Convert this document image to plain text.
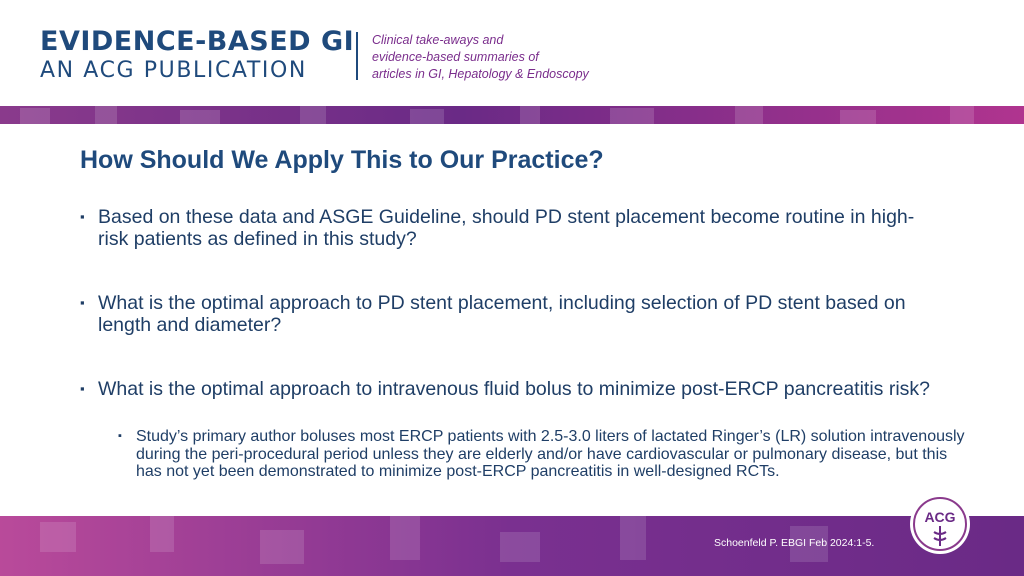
EVIDENCE-BASED GI
AN ACG PUBLICATION
Clinical take-aways and
evidence-based summaries of
articles in GI, Hepatology & Endoscopy
How Should We Apply This to Our Practice?
▪ Based on these data and ASGE Guideline, should PD stent placement become routine in high-risk patients as defined in this study?
▪ What is the optimal approach to PD stent placement, including selection of PD stent based on length and diameter?
▪ What is the optimal approach to intravenous fluid bolus to minimize post-ERCP pancreatitis risk?
▪ Study’s primary author boluses most ERCP patients with 2.5-3.0 liters of lactated Ringer’s (LR) solution intravenously during the peri-procedural period unless they are elderly and/or have cardiovascular or pulmonary disease, but this has not yet been demonstrated to minimize post-ERCP pancreatitis in well-designed RCTs.
Schoenfeld P. EBGI Feb 2024:1-5.
ACG
